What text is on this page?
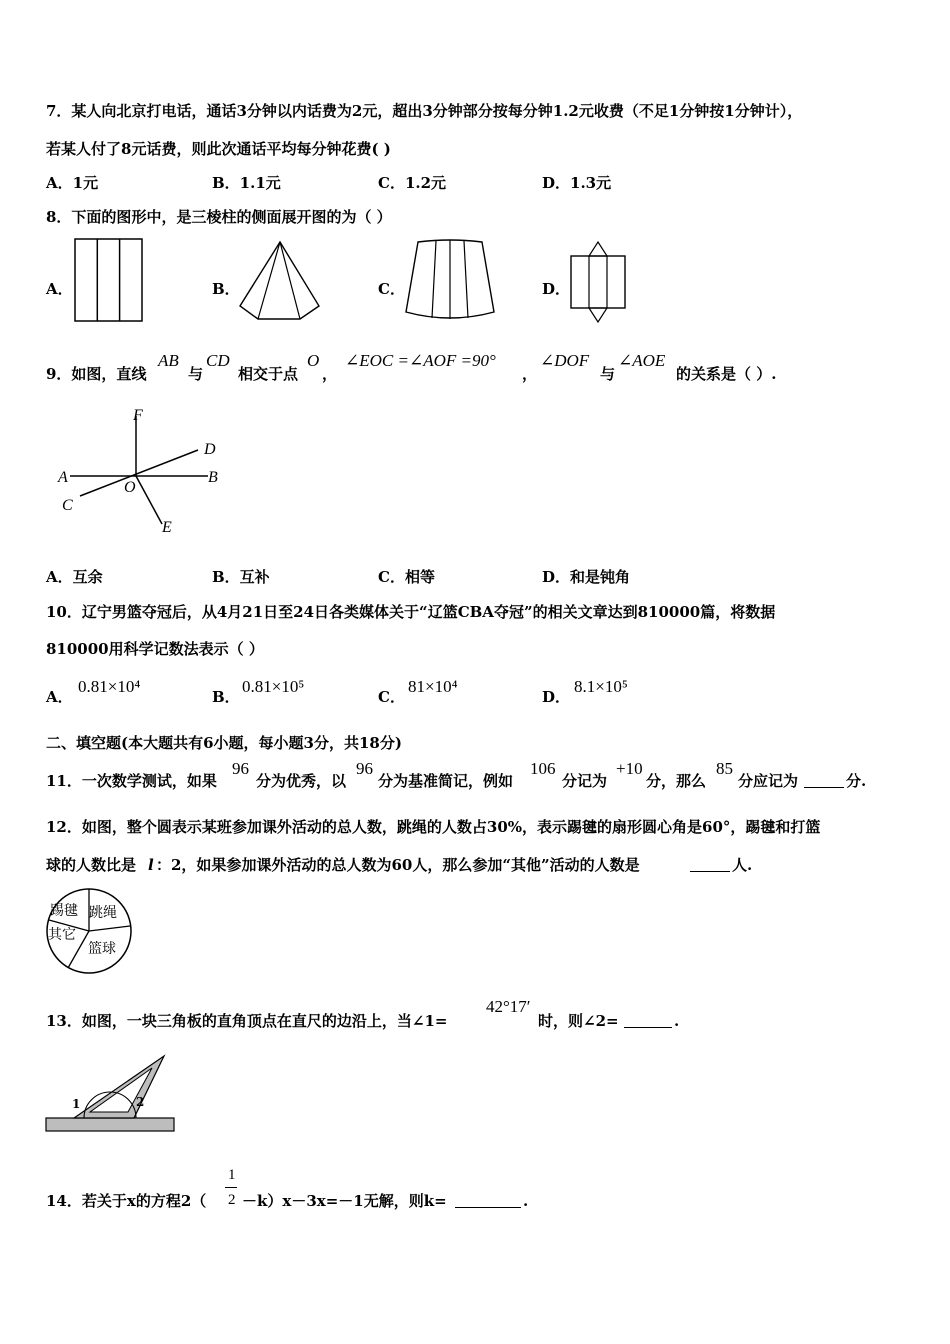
7．某人向北京打电话，通话3分钟以内话费为2元，超出3分钟部分按每分钟1.2元收费（不足1分钟按1分钟计），
若某人付了8元话费，则此次通话平均每分钟花费( )
A．1元	B．1.1元	C．1.2元	D．1.3元
8．下面的图形中，是三棱柱的侧面展开图的为（ ）
A．	B．	C．	D．
9．如图，直线
AB
与
CD
相交于点
O
，
∠EOC =∠AOF =90°
，
∠DOF
与
∠AOE
的关系是（ ）.
F
D
A
O
B
C
E
A．互余	B．互补	C．相等	D．和是钝角
10．辽宁男篮夺冠后，从4月21日至24日各类媒体关于“辽篮CBA夺冠”的相关文章达到810000篇，将数据
810000用科学记数法表示（ ）
A．
0.81×10⁴
B．
0.81×10⁵
C．
81×10⁴
D．
8.1×10⁵
二、填空题(本大题共有6小题，每小题3分，共18分)
11．一次数学测试，如果
96
分为优秀，以
96
分为基准简记，例如
106
分记为
+10
分，那么
85
分应记为	分.
12．如图，整个圆表示某班参加课外活动的总人数，跳绳的人数占30%，表示踢毽的扇形圆心角是60°，踢毽和打篮
球的人数比是 l ：2，如果参加课外活动的总人数为60人，那么参加“其他”活动的人数是	人.
踢毽 跳绳
其它
篮球
13．如图，一块三角板的直角顶点在直尺的边沿上，当∠1=
42°17′
时，则∠2=	.
1	2
14．若关于x的方程2（
1
2 －k）x－3x=－1无解，则k=	.
